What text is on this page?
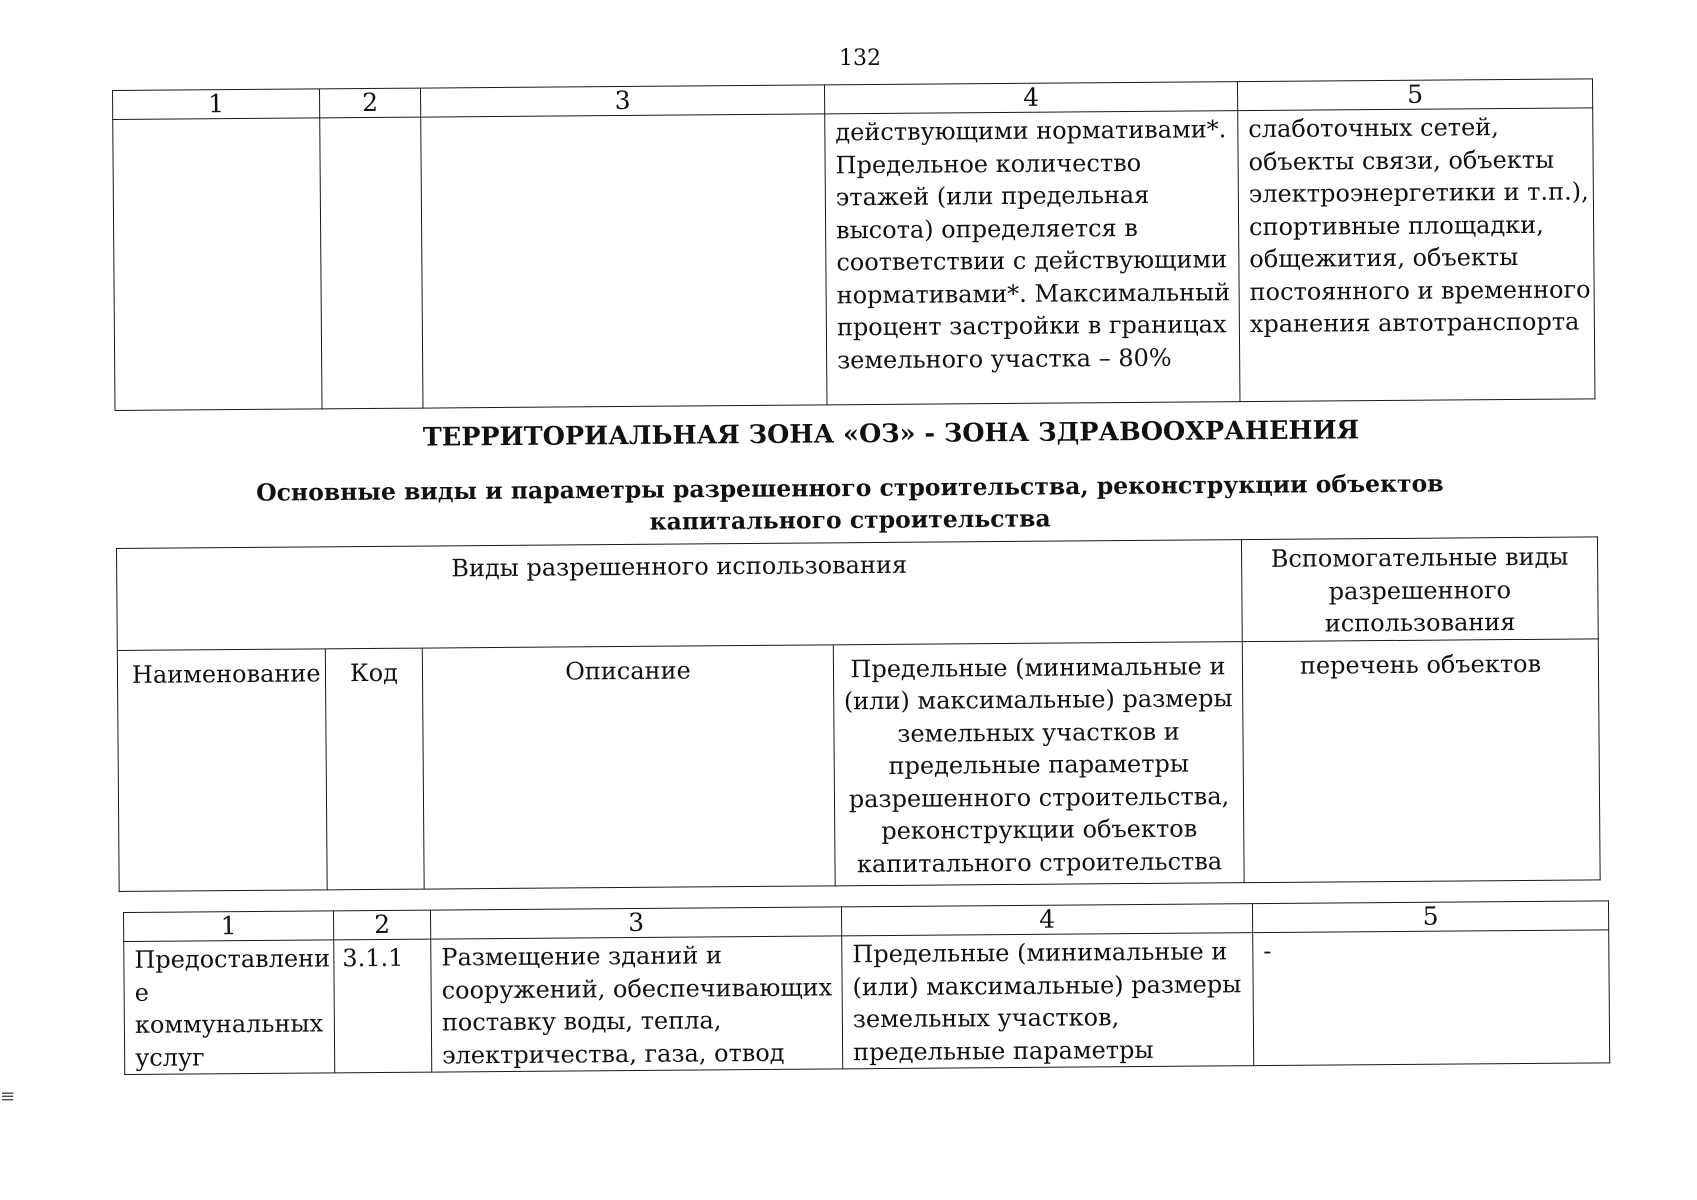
132
1	2	3	4	5
			действующими нормативами*. Предельное количество этажей (или предельная высота) определяется в соответствии с действующими нормативами*. Максимальный процент застройки в границах земельного участка – 80%	слаботочных сетей, объекты связи, объекты электроэнергетики и т.п.), спортивные площадки, общежития, объекты постоянного и временного хранения автотранспорта
ТЕРРИТОРИАЛЬНАЯ ЗОНА «ОЗ» - ЗОНА ЗДРАВООХРАНЕНИЯ
Основные виды и параметры разрешенного строительства, реконструкции объектов капитального строительства
Виды разрешенного использования				Вспомогательные виды разрешенного использования
Наименование	Код	Описание	Предельные (минимальные и (или) максимальные) размеры земельных участков и предельные параметры разрешенного строительства, реконструкции объектов капитального строительства	перечень объектов
1	2	3	4	5
Предоставлени е коммунальных услуг	3.1.1	Размещение зданий и сооружений, обеспечивающих поставку воды, тепла, электричества, газа, отвод	Предельные (минимальные и (или) максимальные) размеры земельных участков, предельные параметры	-
≡
